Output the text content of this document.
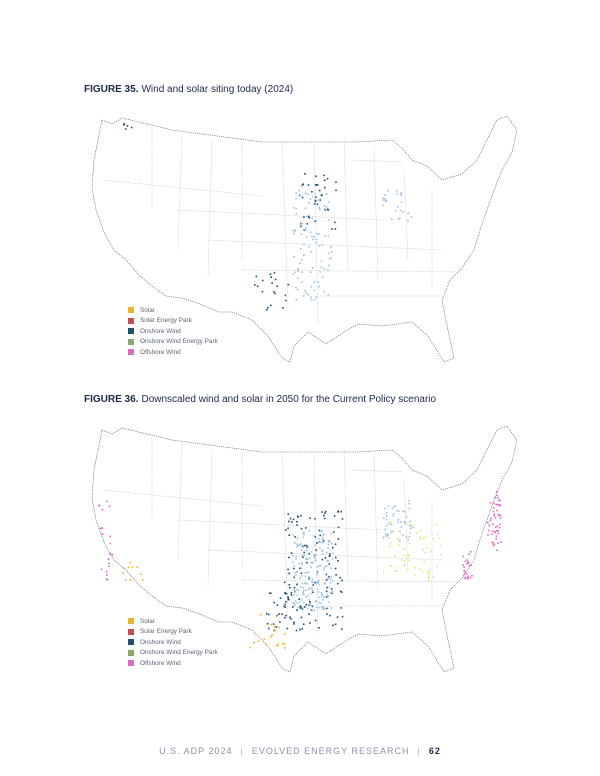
FIGURE 35. Wind and solar siting today (2024)
Solar
Solar Energy Park
Onshore Wind
Onshore Wind Energy Park
Offshore Wind
FIGURE 36. Downscaled wind and solar in 2050 for the Current Policy scenario
Solar
Solar Energy Park
Onshore Wind
Onshore Wind Energy Park
Offshore Wind
U.S. ADP 2024 | EVOLVED ENERGY RESEARCH | 62
